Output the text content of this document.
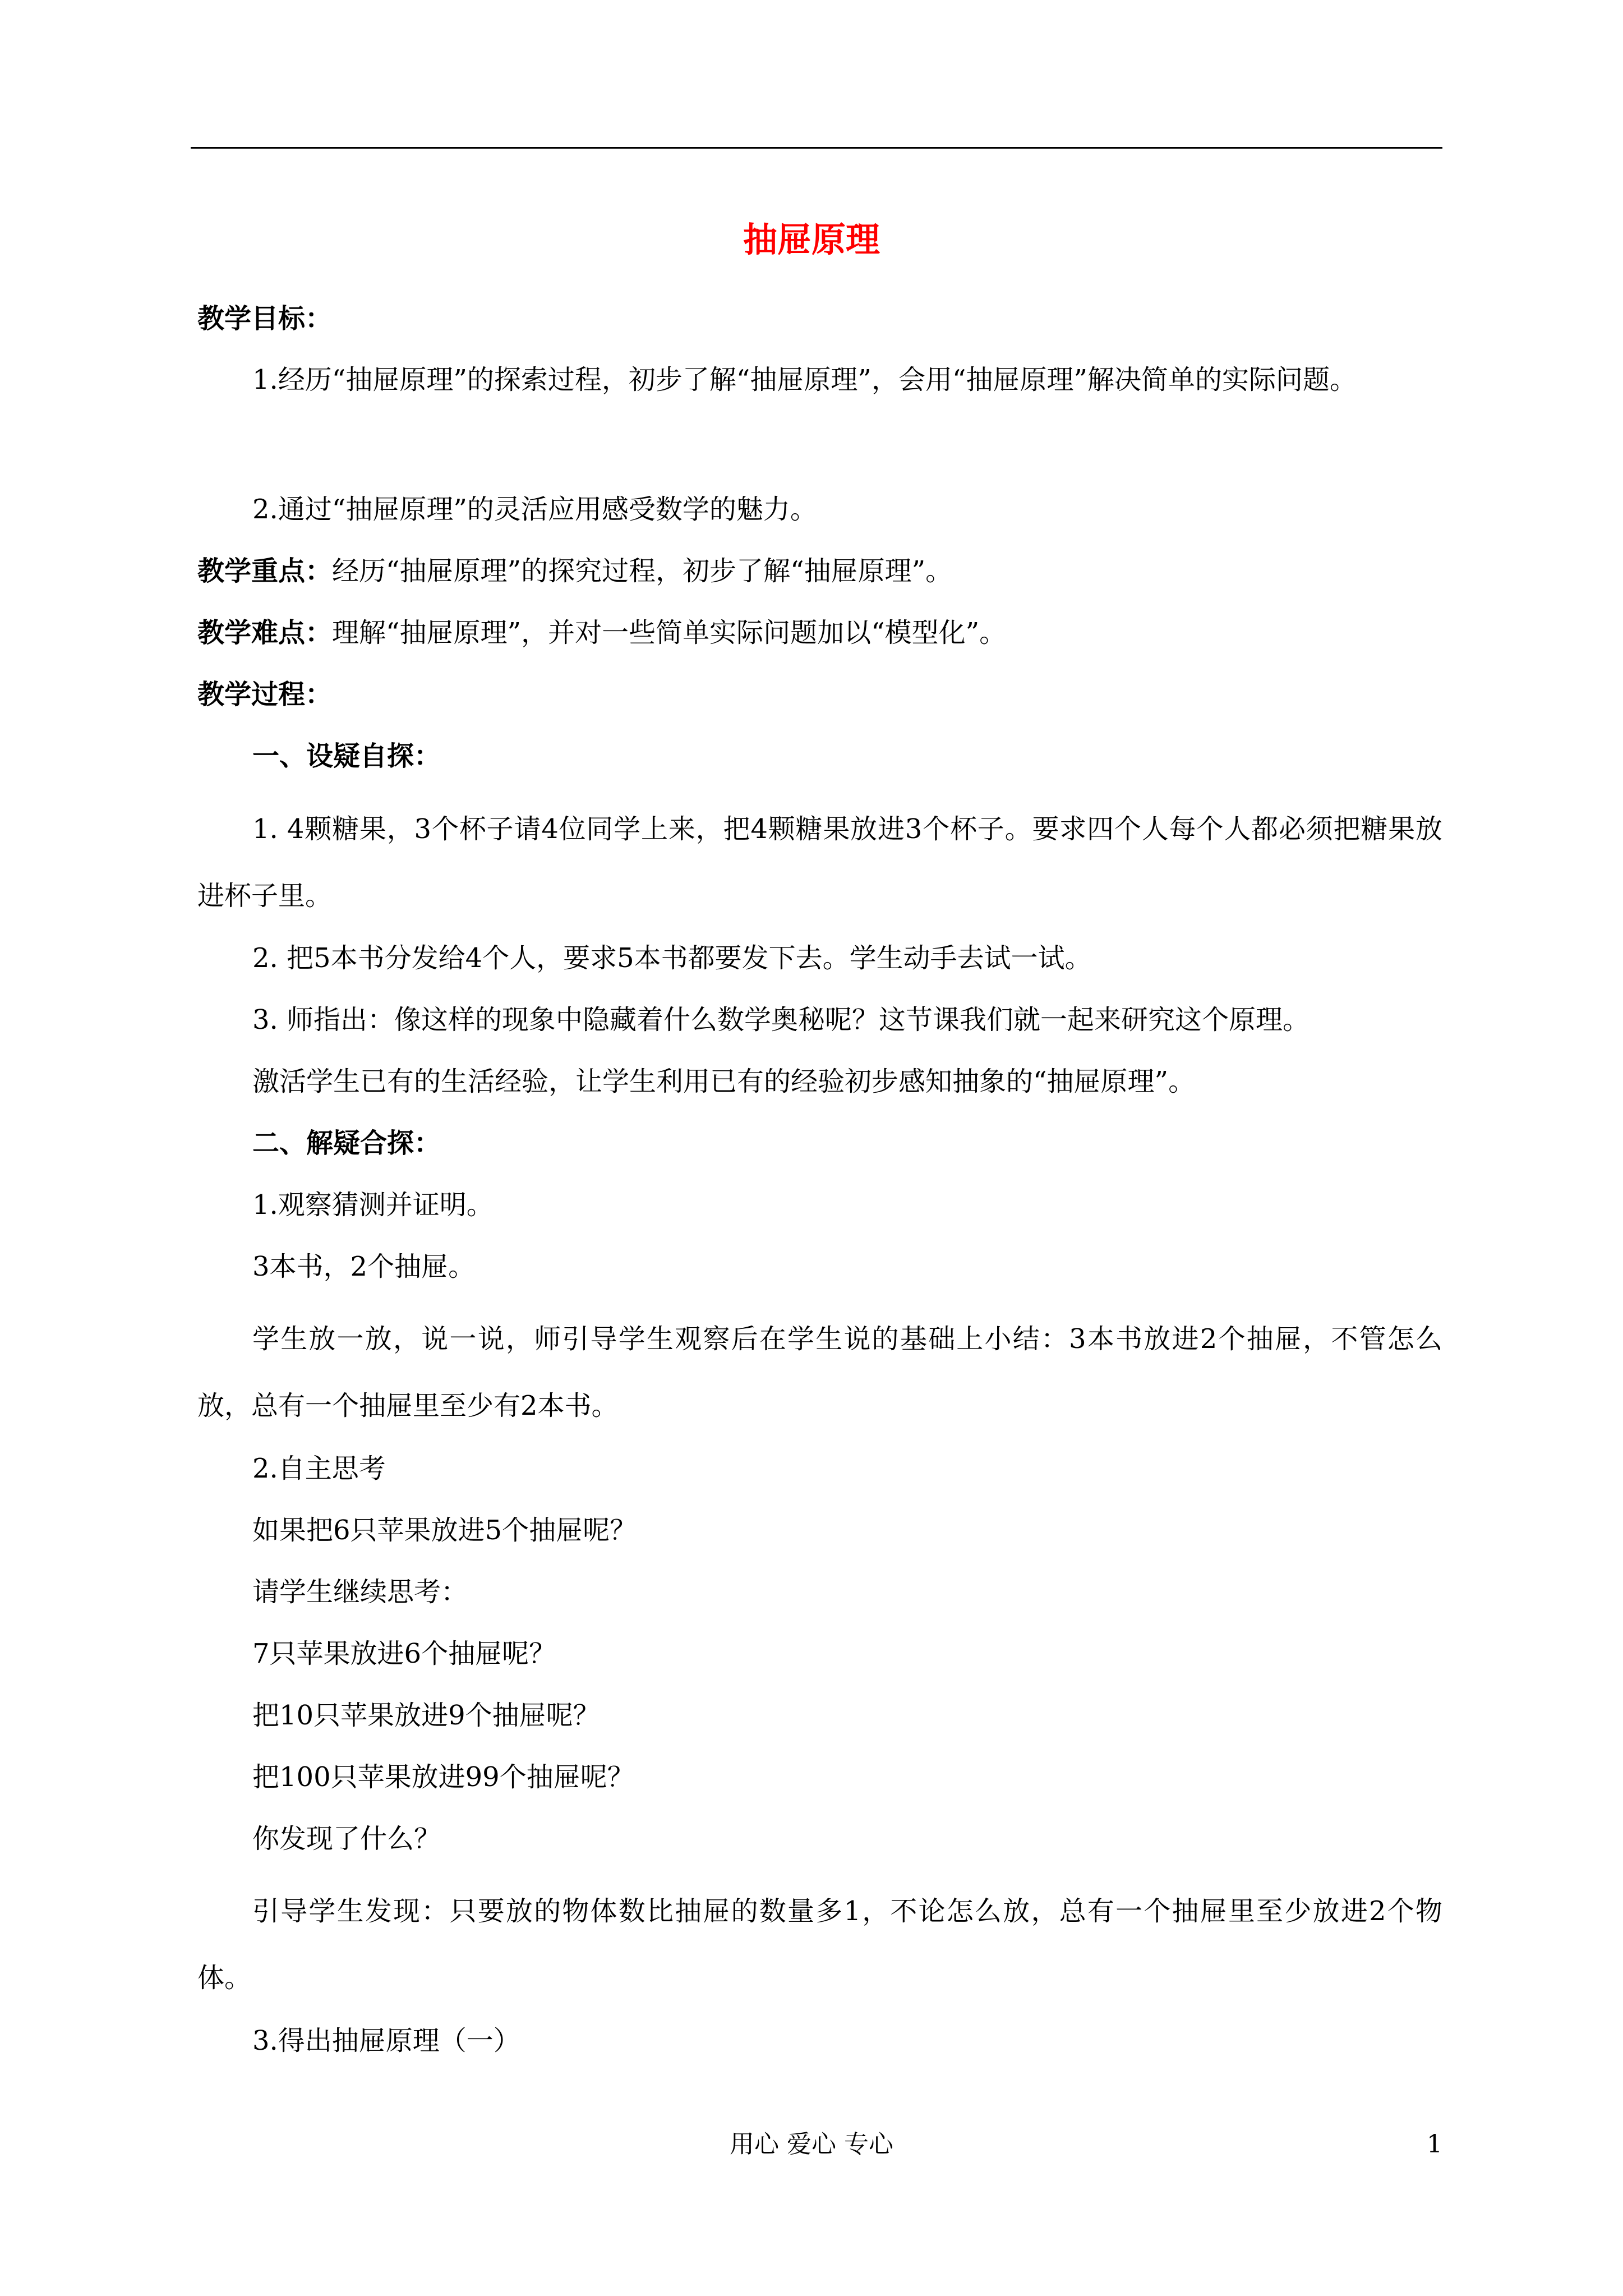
抽屉原理
教学目标：
1.经历“抽屉原理”的探索过程，初步了解“抽屉原理”，会用“抽屉原理”解决简单的实际问题。
2.通过“抽屉原理”的灵活应用感受数学的魅力。
教学重点：经历“抽屉原理”的探究过程，初步了解“抽屉原理”。
教学难点：理解“抽屉原理”，并对一些简单实际问题加以“模型化”。
教学过程：
一、设疑自探：
1. 4颗糖果，3个杯子请4位同学上来，把4颗糖果放进3个杯子。要求四个人每个人都必须把糖果放进杯子里。
2. 把5本书分发给4个人，要求5本书都要发下去。学生动手去试一试。
3. 师指出：像这样的现象中隐藏着什么数学奥秘呢？这节课我们就一起来研究这个原理。
激活学生已有的生活经验，让学生利用已有的经验初步感知抽象的“抽屉原理”。
二、解疑合探：
1.观察猜测并证明。
3本书，2个抽屉。
学生放一放，说一说，师引导学生观察后在学生说的基础上小结：3本书放进2个抽屉，不管怎么放，总有一个抽屉里至少有2本书。
2.自主思考
如果把6只苹果放进5个抽屉呢？
请学生继续思考：
7只苹果放进6个抽屉呢？
把10只苹果放进9个抽屉呢？
把100只苹果放进99个抽屉呢？
你发现了什么？
引导学生发现：只要放的物体数比抽屉的数量多1，不论怎么放，总有一个抽屉里至少放进2个物体。
3.得出抽屉原理（一）
用心 爱心 专心	1
